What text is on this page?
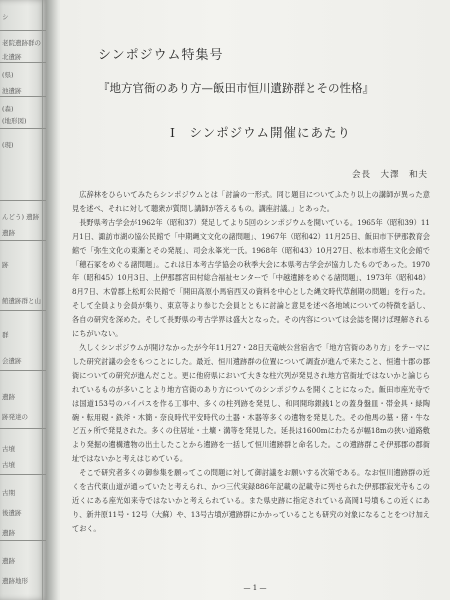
シ
老院遺跡群の
北遺跡
(県)
池遺跡
(森)
(地形図)
(現)
んどう) 遺跡
遺跡
跡
館遺跡群と山
群
会遺跡
遺跡
跡発達の
古墳
古墳
古期
後遺跡
遺跡
遺跡
遺跡地形
シンポジウム特集号
『地方官衙のあり方—飯田市恒川遺跡群とその性格』
I　シンポジウム開催にあたり
会長　大澤　和夫

広辞林をひらいてみたらシンポジウムとは「討論の一形式。同じ題目についてふたり以上の講師が異った意見を述べ、それに対して聴衆が質問し講師が答えるもの。講座討議。」とあった。

長野県考古学会が1962年（昭和37）発足してより5回のシンポジウムを開いている。1965年（昭和39）11月1日、諏訪市湖の協公民館で「中期縄文文化の諸問題」、1967年（昭和42）11月25日、飯田市下伊那教育会館で「弥生文化の東漸とその発展」、司会永峯光一氏。1968年（昭和43）10月27日、松本市塔生文化会館で「穂石冢をめぐる諸問題」。これは日本考古学協会の秋季大会に本県考古学会が協力したものであった。1970年（昭和45）10月3日、上伊那郡宮田村総合福祉センターで「中越遺跡をめぐる諸問題」、1973年（昭和48）8月7日、木曽郡上松町公民館で「開田高原小馬宿西又の資料を中心とした縄文時代草創期の問題」を行った。そして全員より会員が集り、東京等より参じた会員とともに討論と意見を述べ各地域についての特徴を話し、各自の研究を深めた。そして長野県の考古学界は盛大となった。その内容については会誌を開けば理解されるにちがいない。

久しくシンポジウムが開けなかったが今年11月27・28日天竜峡公営宿舎で「地方官衙のあり方」をテーマにした研究討議の会をもつことにした。最近、恒川遺跡群の位置について調査が進んで来たこと、恒遺十郡の郡衙についての研究が進んだこと。更に他府県において大きな柱穴列が発見され地方官衙址ではないかと論じられているものが多いことより地方官衙のあり方についてのシンポジウムを開くことになった。飯田市座光寺では国道153号のバイパスを作る工事中、多くの柱列跡を発見し、和同開珎銀銭1との蓋身盤皿・帯金具・緑陶碗・転用硯・鉄斧・木簡・奈良時代平安時代の土器・木器等多くの遺物を発見した。その他馬の墓・猪・牛など五ヶ所で発見された。多くの住居址・土壙・溝等を発見した。延長は1600mにわたるが幅18mの狭い道路敷より発掘の遺構遺物の出土したことから遺跡を一括して恒川遺跡群と命名した。この遺跡群こそ伊那郡の郡衙址ではないかと考えはじめている。

そこで研究者多くの御参集を願ってこの問題に対して御討議をお願いする次第である。なお恒川遺跡群の近くを古代東山道が通っていたと考えられ、かつ三代実録886年記載の記載寺に列せられた伊那郡寂光寺もこの近くにある座光如来寺ではないかと考えられている。また県史跡に指定されている高岡1号墳もこの近くにあり、新井原11号・12号（大蘇）や、13号古墳が遺跡群にかかっていることも研究の対象になることをつけ加えておく。

— 1 —
